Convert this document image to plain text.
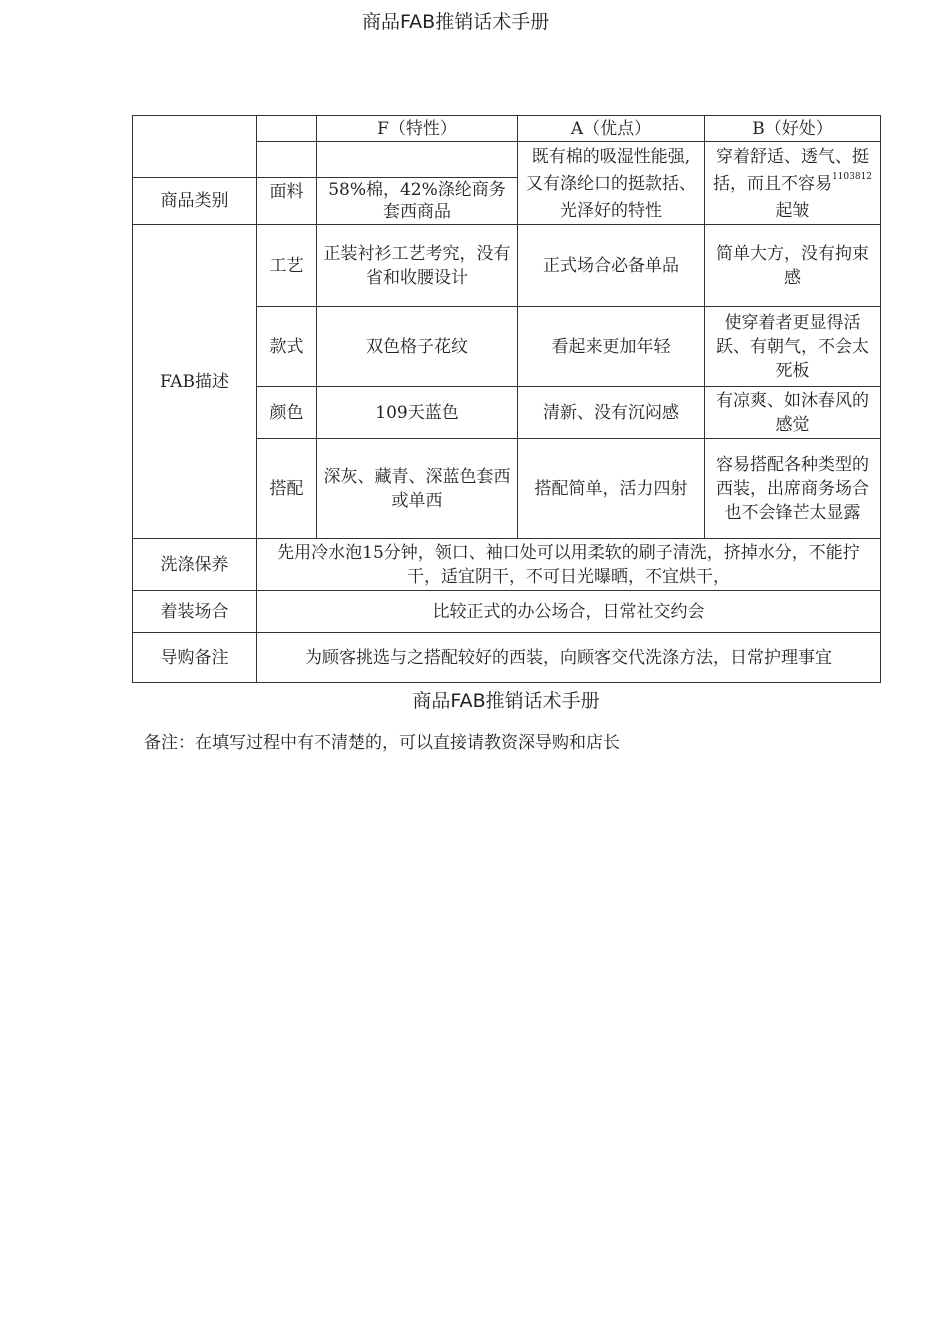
商品FAB推销话术手册
		F（特性）	A（优点）	B（好处）

			既有棉的吸湿性能强,又有涤纶口的挺款括、光泽好的特性	穿着舒适、透气、挺括，而且不容易$^{1103812}$起皱

商品类别	面料	58%棉，42%涤纶商务套西商品		

FAB描述	工艺	正装衬衫工艺考究，没有省和收腰设计	正式场合必备单品	简单大方，没有拘束感
	款式	双色格子花纹	看起来更加年轻	使穿着者更显得活跃、有朝气，不会太死板
	颜色	109天蓝色	清新、没有沉闷感	有凉爽、如沐春风的感觉
	搭配	深灰、藏青、深蓝色套西或单西	搭配简单，活力四射	容易搭配各种类型的西装，出席商务场合也不会锋芒太显露
洗涤保养	先用冷水泡15分钟，领口、袖口处可以用柔软的刷子清洗，挤掉水分，不能拧干，适宜阴干，不可日光曝晒，不宜烘干，			
着装场合	比较正式的办公场合，日常社交约会			
导购备注	为顾客挑选与之搭配较好的西装，向顾客交代洗涤方法，日常护理事宜			
商品FAB推销话术手册
备注：在填写过程中有不清楚的，可以直接请教资深导购和店长
